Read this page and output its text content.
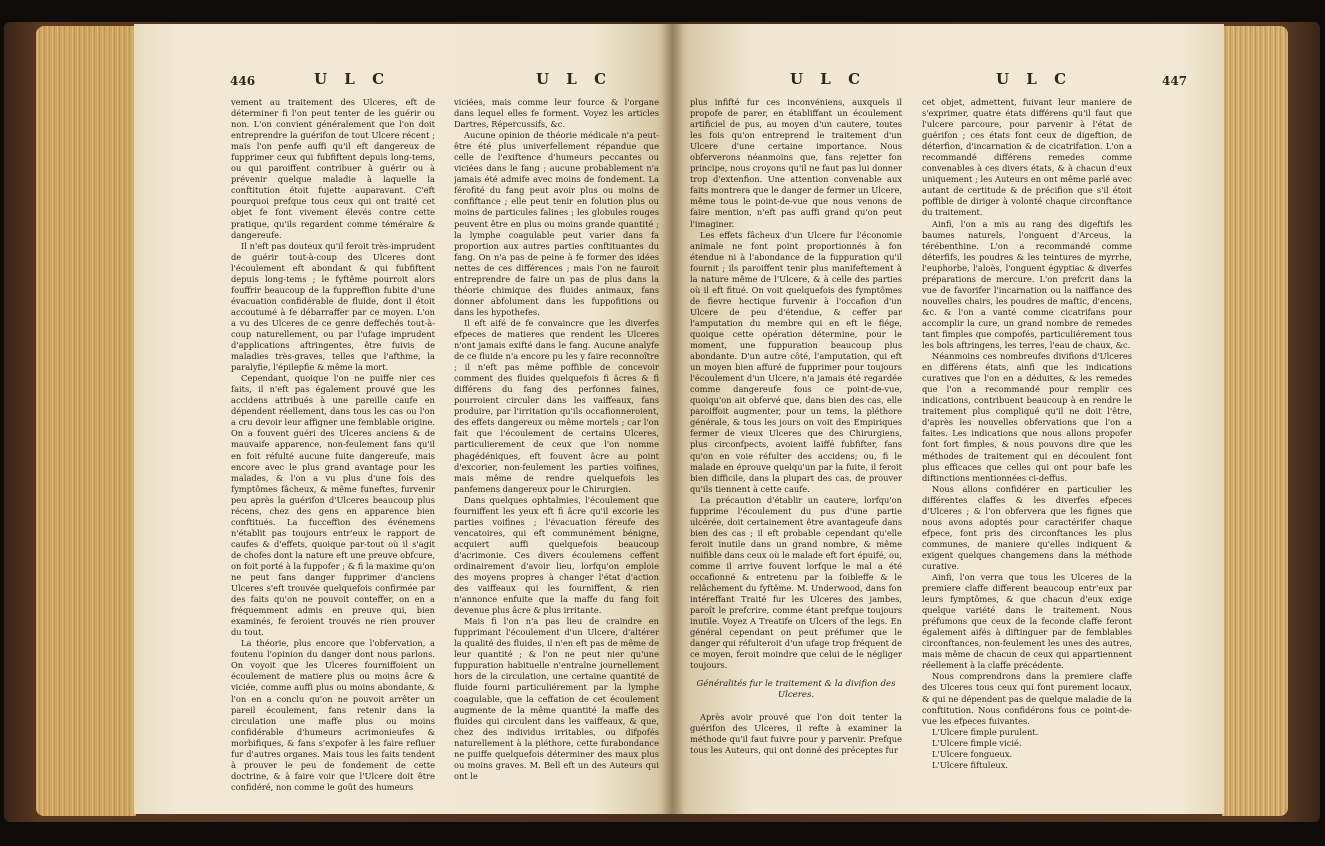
446	U L C	U L C

vement au traitement des Ulceres, eft de déterminer fi l'on peut tenter de les guérir ou non. L'on convient généralement que l'on doit entreprendre la guérifon de tout Ulcere récent ; mais l'on penfe auffi qu'il eft dangereux de fupprimer ceux qui fubfiftent depuis long-tems, ou qui paroiffent contribuer à guérir ou à prévenir quelque maladie à laquelle la conftitution étoit fujette auparavant. C'eft pourquoi prefque tous ceux qui ont traité cet objet fe font vivement élevés contre cette pratique, qu'ils regardent comme téméraire & dangereufe.

Il n'eft pas douteux qu'il feroit très-imprudent de guérir tout-à-coup des Ulceres dont l'écoulement eft abondant & qui fubfiftent depuis long-tems ; le fyftême pourroit alors fouffrir beaucoup de la fuppreffion fubite d'une évacuation confidérable de fluide, dont il étoit accoutumé à fe débarraffer par ce moyen. L'on a vu des Ulceres de ce genre deffechés tout-à-coup naturellement, ou par l'ufage imprudent d'applications aftringentes, être fuivis de maladies très-graves, telles que l'afthme, la paralyfie, l'épilepfie & même la mort.

Cependant, quoique l'on ne puiffe nier ces faits, il n'eft pas également prouvé que les accidens attribués à une pareille caufe en dépendent réellement, dans tous les cas ou l'on a cru devoir leur affigner une femblable origine. On a fouvent guéri des Ulceres anciens & de mauvaife apparence, non-feulement fans qu'il en foit réfulté aucune fuite dangereufe, mais encore avec le plus grand avantage pour les malades, & l'on a vu plus d'une fois des fymptômes fâcheux, & même funeftes, furvenir peu après la guérifon d'Ulceres beaucoup plus récens, chez des gens en apparence bien conftitués. La fucceffion des événemens n'établit pas toujours entr'eux le rapport de caufes & d'effets, quoique par-tout où il s'agit de chofes dont la nature eft une preuve obfcure, on foit porté à la fuppofer ; & fi la maxime qu'on ne peut fans danger fupprimer d'anciens Ulceres s'eft trouvée quelquefois confirmée par des faits qu'on ne pouvoit conteffer, on en a fréquemment admis en preuve qui, bien examinés, fe feroient trouvés ne rien prouver du tout.

La théorie, plus encore que l'obfervation, a foutenu l'opinion du danger dont nous parlons. On voyoit que les Ulceres fourniffoient un écoulement de matiere plus ou moins âcre & viciée, comme auffi plus ou moins abondante, & l'on en a conclu qu'on ne pouvoit arrêter un pareil écoulement, fans retenir dans la circulation une maffe plus ou moins confidérable d'humeurs acrimonieufes & morbifiques, & fans s'expofer à les faire refluer fur d'autres organes. Mais tous les faits tendent à prouver le peu de fondement de cette doctrine, & à faire voir que l'Ulcere doit être confidéré, non comme le goût des humeurs

viciées, mais comme leur fource & l'organe dans lequel elles fe forment. Voyez les articles Dartres, Répercussifs, &c.

Aucune opinion de théorie médicale n'a peut-être été plus univerfellement répandue que celle de l'exiftence d'humeurs peccantes ou viciées dans le fang ; aucune probablement n'a jamais été admife avec moins de fondement. La férofité du fang peut avoir plus ou moins de confiftance ; elle peut tenir en folution plus ou moins de particules falines ; les globules rouges peuvent être en plus ou moins grande quantité ; la lymphe coagulable peut varier dans fa proportion aux autres parties conftituantes du fang. On n'a pas de peine à fe former des idées nettes de ces différences ; mais l'on ne fauroit entreprendre de faire un pas de plus dans la théorie chimique des fluides animaux, fans donner abfolument dans les fuppofitions ou dans les hypothefes.

Il eft aifé de fe convaincre que les diverfes efpeces de matieres que rendent les Ulceres n'ont jamais exifté dans le fang. Aucune analyfe de ce fluide n'a encore pu les y faire reconnoître ; il n'eft pas même poffible de concevoir comment des fluides quelquefois fi âcres & fi différens du fang des perfonnes faines, pourroient circuler dans les vaiffeaux, fans produire, par l'irritation qu'ils occafionneroient, des effets dangereux ou même mortels ; car l'on fait que l'écoulement de certains Ulceres, particulierement de ceux que l'on nomme phagédéniques, eft fouvent âcre au point d'excorier, non-feulement les parties voifines, mais même de rendre quelquefois les panfemens dangereux pour le Chirurgien.

Dans quelques ophtalmies, l'écoulement que fourniffent les yeux eft fi âcre qu'il excorie les parties voifines ; l'évacuation féreufe des vencatoires, qui eft communément bénigne, acquiert auffi quelquefois beaucoup d'acrimonie. Ces divers écoulemens ceffent ordinairement d'avoir lieu, lorfqu'on emploie des moyens propres à changer l'état d'action des vaiffeaux qui les fourniffent, & rien n'annonce enfuite que la maffe du fang foit devenue plus âcre & plus irritante.

Mais fi l'on n'a pas lieu de craindre en fupprimant l'écoulement d'un Ulcere, d'altérer la qualité des fluides, il n'en eft pas de même de leur quantité ; & l'on ne peut nier qu'une fuppuration habituelle n'entraîne journellement hors de la circulation, une certaine quantité de fluide fourni particuliérement par la lymphe coagulable, que la ceffation de cet écoulement augmente de la même quantité la maffe des fluides qui circulent dans les vaiffeaux, & que, chez des individus irritables, ou difpofés naturellement à la pléthore, cette furabondance ne puiffe quelquefois déterminer des maux plus ou moins graves. M. Bell eft un des Auteurs qui ont le

U L C	U L C	447

plus infifté fur ces inconvéniens, auxquels il propofe de parer, en établiffant un écoulement artificiel de pus, au moyen d'un cautere, toutes les fois qu'on entreprend le traitement d'un Ulcere d'une certaine importance. Nous obferverons néanmoins que, fans rejetter fon principe, nous croyons qu'il ne faut pas lui donner trop d'extenfion. Une attention convenable aux faits montrera que le danger de fermer un Ulcere, même tous le point-de-vue que nous venons de faire mention, n'eft pas auffi grand qu'on peut l'imaginer.

Les effets fâcheux d'un Ulcere fur l'économie animale ne font point proportionnés à fon étendue ni à l'abondance de la fuppuration qu'il fournit ; ils paroiffent tenir plus manifeftement à la nature même de l'Ulcere, & à celle des parties où il eft fitué. On voit quelquefois des fymptômes de fievre hectique furvenir à l'occafion d'un Ulcere de peu d'étendue, & ceffer par l'amputation du membre qui en eft le fiége, quoique cette opération détermine, pour le moment, une fuppuration beaucoup plus abondante. D'un autre côté, l'amputation, qui eft un moyen bien affuré de fupprimer pour toujours l'écoulement d'un Ulcere, n'a jamais été regardée comme dangereufe fous ce point-de-vue, quoiqu'on ait obfervé que, dans bien des cas, elle paroiffoit augmenter, pour un tems, la pléthore générale, & tous les jours on voit des Empiriques fermer de vieux Ulceres que des Chirurgiens, plus circonfpects, avoient laiffé fubfifter, fans qu'on en voie réfulter des accidens; ou, fi le malade en éprouve quelqu'un par la fuite, il feroit bien difficile, dans la plupart des cas, de prouver qu'ils tiennent à cette caufe.

La précaution d'établir un cautere, lorfqu'on fupprime l'écoulement du pus d'une partie ulcérée, doit certainement être avantageufe dans bien des cas ; il eft probable cependant qu'elle feroit inutile dans un grand nombre, & même nuifible dans ceux où le malade eft fort épuifé, ou, comme il arrive fouvent lorfque le mal a été occafionné & entretenu par la foibleffe & le relâchement du fyftême. M. Underwood, dans fon intéreffant Traité fur les Ulceres des jambes, paroît le prefcrire, comme étant prefque toujours inutile. Voyez A Treatife on Ulcers of the legs. En général cependant on peut préfumer que le danger qui réfulteroit d'un ufage trop fréquent de ce moyen, feroit moindre que celui de le négliger toujours.

Généralités fur le traitement & la divifion des Ulceres.

Après avoir prouvé que l'on doit tenter la guérifon des Ulceres, il refte à examiner la méthode qu'il faut fuivre pour y parvenir. Prefque tous les Auteurs, qui ont donné des préceptes fur

cet objet, admettent, fuivant leur maniere de s'exprimer, quatre états différens qu'il faut que l'ulcere parcoure, pour parvenir à l'état de guérifon ; ces états font ceux de digeftion, de déterfion, d'incarnation & de cicatrifation. L'on a recommandé différens remedes comme convenables à ces divers états, & à chacun d'eux uniquement ; les Auteurs en ont même parlé avec autant de certitude & de précifion que s'il étoit poffible de diriger à volonté chaque circonftance du traitement.

Ainfi, l'on a mis au rang des digeftifs les baumes naturels, l'onguent d'Arceus, la térébenthine. L'on a recommandé comme déterfifs, les poudres & les teintures de myrrhe, l'euphorbe, l'aloès, l'onguent égyptiac & diverfes préparations de mercure. L'on prefcrit dans la vue de favorifer l'incarnation ou la naiffance des nouvelles chairs, les poudres de maftic, d'encens, &c. & l'on a vanté comme cicatrifans pour accomplir la cure, un grand nombre de remedes tant fimples que compofés, particuliérement tous les bols aftringens, les terres, l'eau de chaux, &c.

Néanmoins ces nombreufes divifions d'Ulceres en différens états, ainfi que les indications curatives que l'on en a déduites, & les remedes que l'on a recommandé pour remplir ces indications, contribuent beaucoup à en rendre le traitement plus compliqué qu'il ne doit l'être, d'après les nouvelles obfervations que l'on a faites. Les indications que nous allons propofer font fort fimples, & nous pouvons dire que les méthodes de traitement qui en découlent font plus efficaces que celles qui ont pour bafe les diftinctions mentionnées ci-deffus.

Nous allons confidérer en particulier les différentes claffes & les diverfes efpeces d'Ulceres ; & l'on obfervera que les fignes que nous avons adoptés pour caractérifer chaque efpece, font pris des circonftances les plus communes, de maniere qu'elles indiquent & exigent quelques changemens dans la méthode curative.

Ainfi, l'on verra que tous les Ulceres de la premiere claffe different beaucoup entr'eux par leurs fymptômes, & que chacun d'eux exige quelque variété dans le traitement. Nous préfumons que ceux de la feconde claffe feront également aifés à diftinguer par de femblables circonftances, non-feulement les unes des autres, mais même de chacun de ceux qui appartiennent réellement à la claffe précédente.

Nous comprendrons dans la premiere claffe des Ulceres tous ceux qui font purement locaux, & qui ne dépendent pas de quelque maladie de la conftitution. Nous confidérons fous ce point-de-vue les efpeces fuivantes.

L'Ulcere fimple purulent.

L'Ulcere fimple vicié.

L'Ulcere fongueux.

L'Ulcere fiftuleux.
